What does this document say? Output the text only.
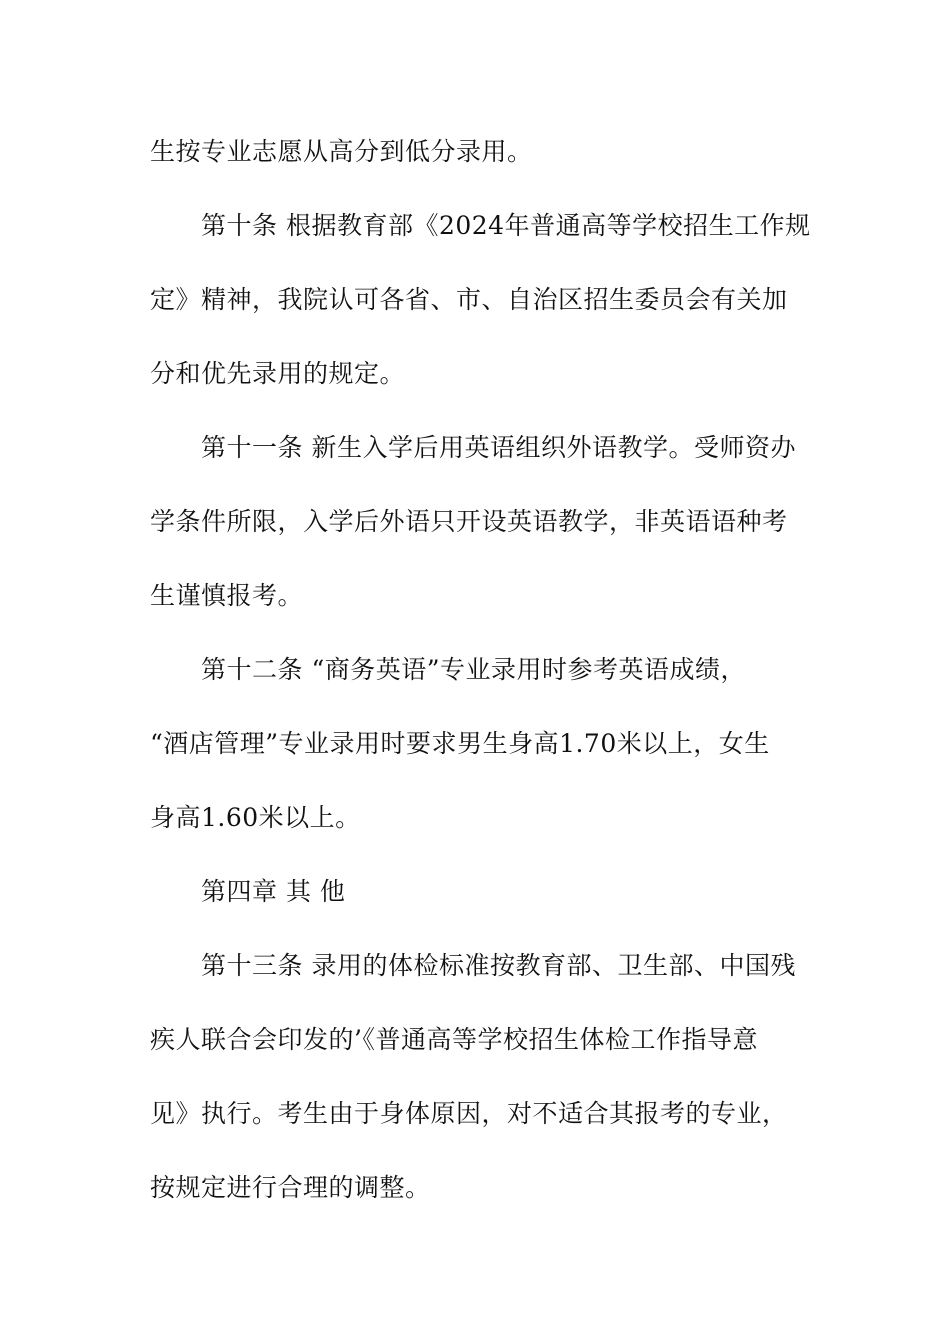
生按专业志愿从高分到低分录用。
第十条 根据教育部《2024年普通高等学校招生工作规
定》精神，我院认可各省、市、自治区招生委员会有关加
分和优先录用的规定。
第十一条 新生入学后用英语组织外语教学。受师资办
学条件所限，入学后外语只开设英语教学，非英语语种考
生谨慎报考。
第十二条 “商务英语”专业录用时参考英语成绩，
“酒店管理”专业录用时要求男生身高1.70米以上，女生
身高1.60米以上。
第四章 其 他
第十三条 录用的体检标准按教育部、卫生部、中国残
疾人联合会印发的’《普通高等学校招生体检工作指导意
见》执行。考生由于身体原因，对不适合其报考的专业，
按规定进行合理的调整。
